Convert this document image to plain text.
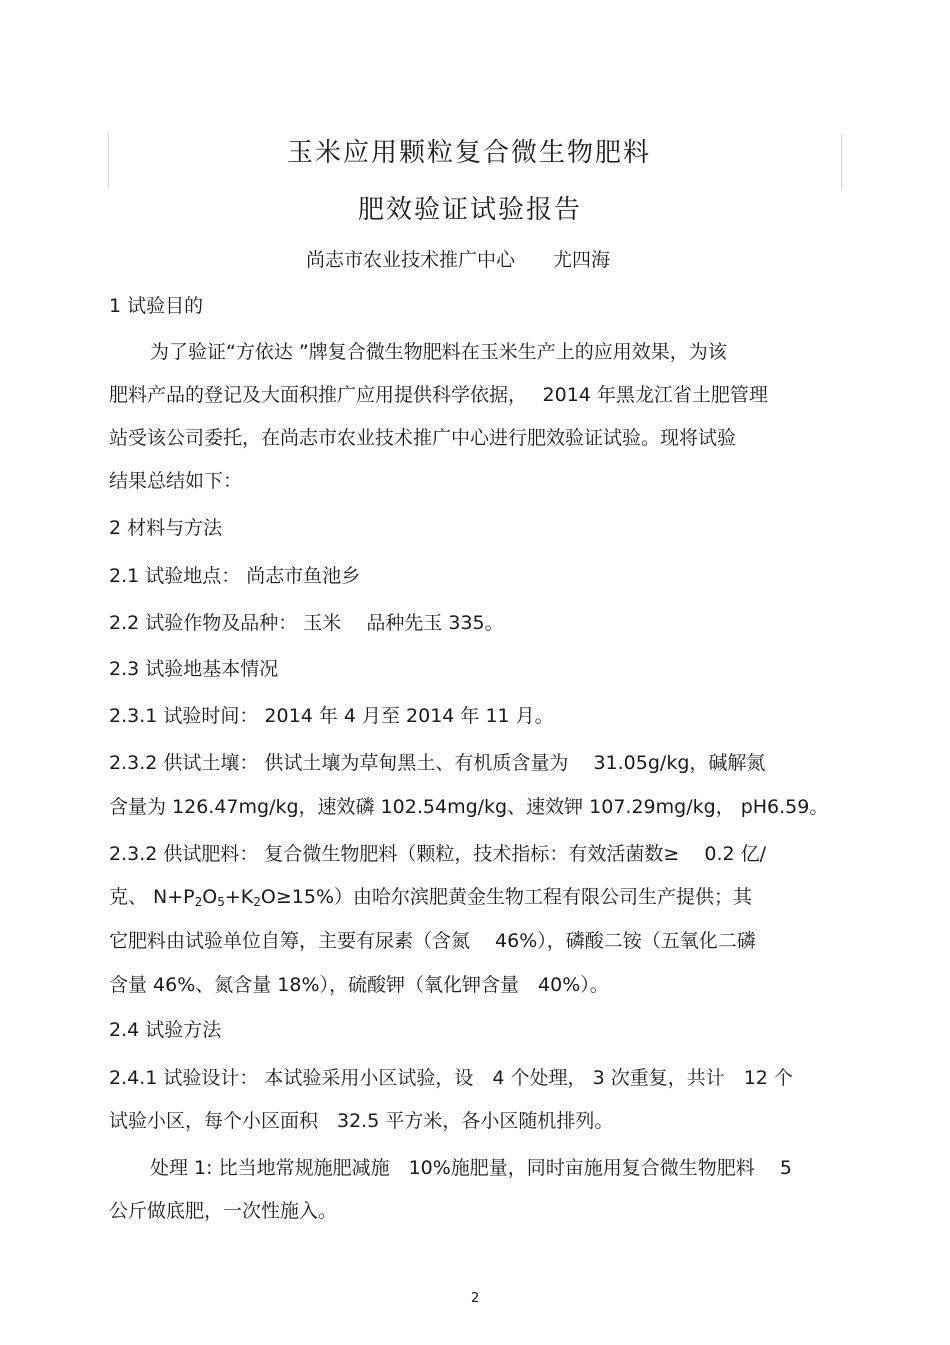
玉米应用颗粒复合微生物肥料
肥效验证试验报告
尚志市农业技术推广中心　　尤四海
1 试验目的
为了验证“方依达 ”牌复合微生物肥料在玉米生产上的应用效果，为该
肥料产品的登记及大面积推广应用提供科学依据，　 2014 年黑龙江省土肥管理
站受该公司委托，在尚志市农业技术推广中心进行肥效验证试验。现将试验
结果总结如下：
2 材料与方法
2.1 试验地点： 尚志市鱼池乡
2.2 试验作物及品种： 玉米　 品种先玉 335。
2.3 试验地基本情况
2.3.1 试验时间： 2014 年 4 月至 2014 年 11 月。
2.3.2 供试土壤： 供试土壤为草甸黑土、有机质含量为　 31.05g/kg，碱解氮
含量为 126.47mg/kg，速效磷 102.54mg/kg、速效钾 107.29mg/kg， pH6.59。
2.3.2 供试肥料： 复合微生物肥料（颗粒，技术指标：有效活菌数≥　 0.2 亿/
克、 $N+P_2O_5+K_2O\ge 15\%$）由哈尔滨肥黄金生物工程有限公司生产提供；其
它肥料由试验单位自筹，主要有尿素（含氮　 46%），磷酸二铵（五氧化二磷
含量 46%、氮含量 18%），硫酸钾（氧化钾含量　40%）。
2.4 试验方法
2.4.1 试验设计： 本试验采用小区试验，设　4 个处理， 3 次重复，共计　12 个
试验小区，每个小区面积　32.5 平方米，各小区随机排列。
处理 1: 比当地常规施肥减施　10%施肥量，同时亩施用复合微生物肥料　 5
公斤做底肥，一次性施入。
2
